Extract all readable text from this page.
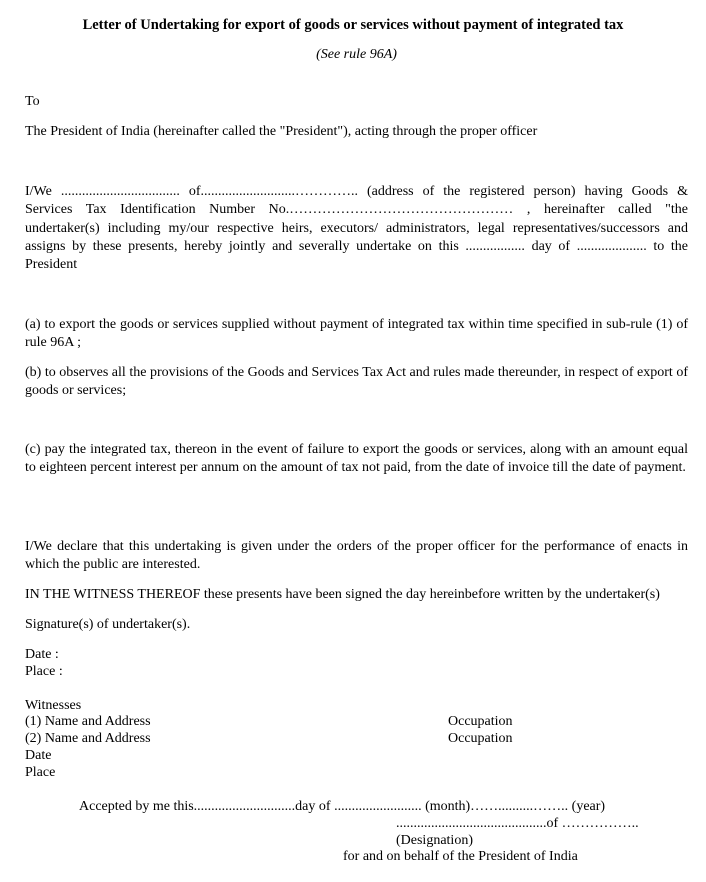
Letter of Undertaking for export of goods or services without payment of integrated tax
(See rule 96A)
To
The President of India (hereinafter called the "President"), acting through the proper officer
I/We .................................. of...........................………….. (address of the registered person) having Goods &
Services Tax Identification Number No.………………………………………… , hereinafter called "the
undertaker(s) including my/our respective heirs, executors/ administrators, legal representatives/successors and
assigns by these presents, hereby jointly and severally undertake on this ................. day of .................... to the
President
(a) to export the goods or services supplied without payment of integrated tax within time specified in sub-rule (1) of rule 96A ;
(b) to observes all the provisions of the Goods and Services Tax Act and rules made thereunder, in respect of export of goods or services;
(c) pay the integrated tax, thereon in the event of failure to export the goods or services, along with an amount equal to eighteen percent interest per annum on the amount of tax not paid, from the date of invoice till the date of payment.
I/We declare that this undertaking is given under the orders of the proper officer for the performance of enacts in which the public are interested.
IN THE WITNESS THEREOF these presents have been signed the day hereinbefore written by the undertaker(s)
Signature(s) of undertaker(s).
Date :
Place :
Witnesses
(1) Name and Address
(2) Name and Address
Date
Place
Occupation
Occupation
Accepted by me this.............................day of ......................... (month)……..........…….. (year)
...........................................of ……………..
(Designation)
for and on behalf of the President of India
